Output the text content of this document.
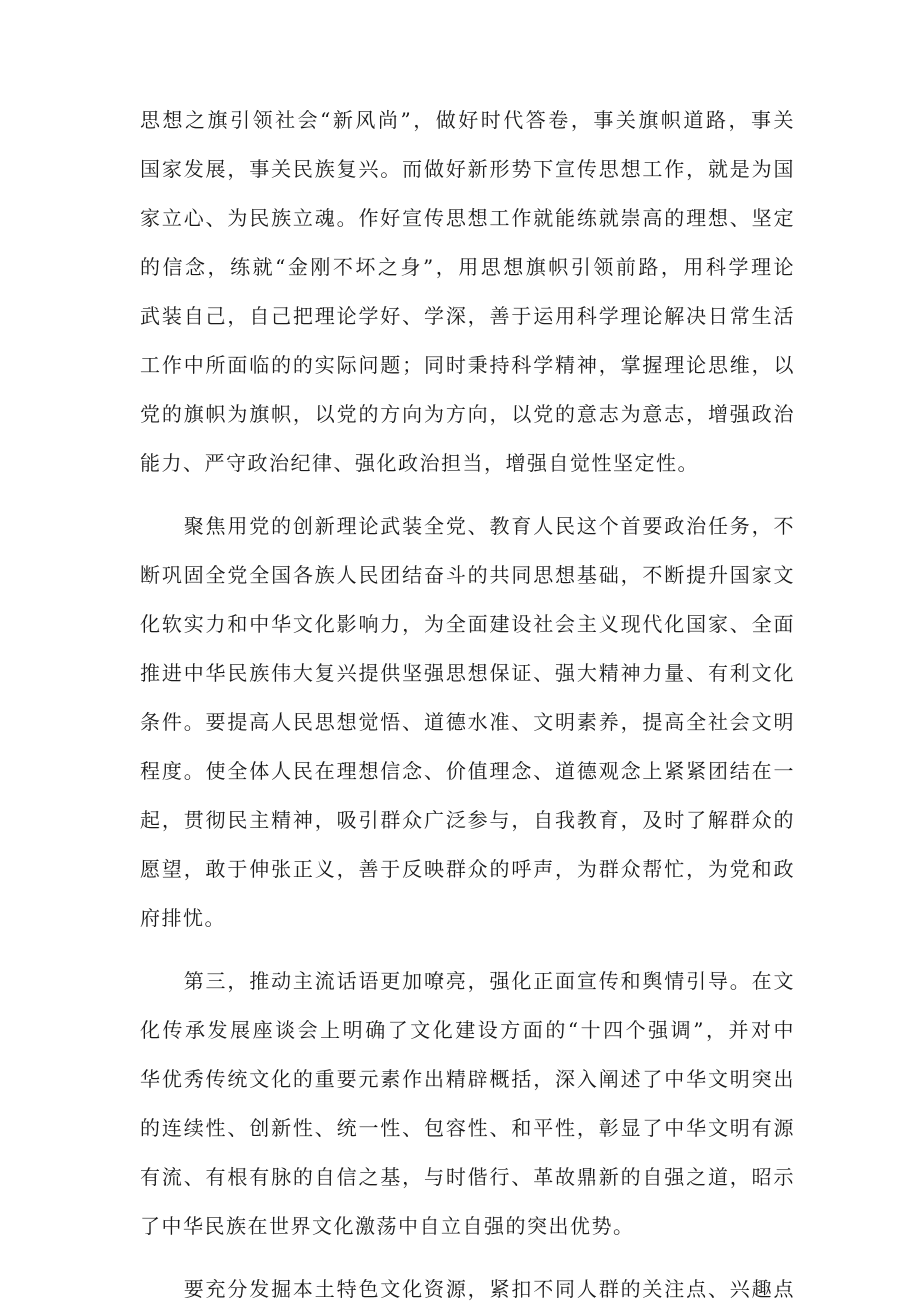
思想之旗引领社会“新风尚”，做好时代答卷，事关旗帜道路，事关
国家发展，事关民族复兴。而做好新形势下宣传思想工作，就是为国
家立心、为民族立魂。作好宣传思想工作就能练就崇高的理想、坚定
的信念，练就“金刚不坏之身”，用思想旗帜引领前路，用科学理论
武装自己，自己把理论学好、学深，善于运用科学理论解决日常生活
工作中所面临的的实际问题；同时秉持科学精神，掌握理论思维，以
党的旗帜为旗帜，以党的方向为方向，以党的意志为意志，增强政治
能力、严守政治纪律、强化政治担当，增强自觉性坚定性。
　　聚焦用党的创新理论武装全党、教育人民这个首要政治任务，不
断巩固全党全国各族人民团结奋斗的共同思想基础，不断提升国家文
化软实力和中华文化影响力，为全面建设社会主义现代化国家、全面
推进中华民族伟大复兴提供坚强思想保证、强大精神力量、有利文化
条件。要提高人民思想觉悟、道德水准、文明素养，提高全社会文明
程度。使全体人民在理想信念、价值理念、道德观念上紧紧团结在一
起，贯彻民主精神，吸引群众广泛参与，自我教育，及时了解群众的
愿望，敢于伸张正义，善于反映群众的呼声，为群众帮忙，为党和政
府排忧。
　　第三，推动主流话语更加嘹亮，强化正面宣传和舆情引导。在文
化传承发展座谈会上明确了文化建设方面的“十四个强调”，并对中
华优秀传统文化的重要元素作出精辟概括，深入阐述了中华文明突出
的连续性、创新性、统一性、包容性、和平性，彰显了中华文明有源
有流、有根有脉的自信之基，与时偕行、革故鼎新的自强之道，昭示
了中华民族在世界文化激荡中自立自强的突出优势。
　　要充分发掘本土特色文化资源，紧扣不同人群的关注点、兴趣点
